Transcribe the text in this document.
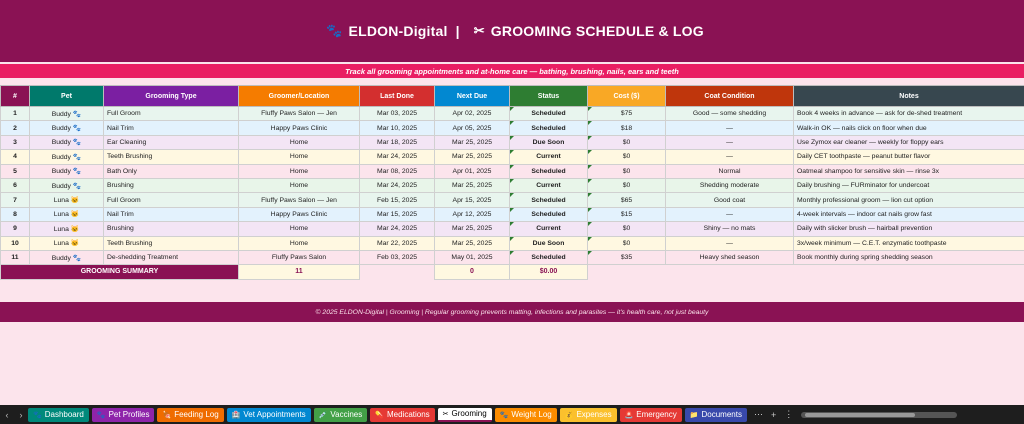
🐾 ELDON-Digital | ✂ GROOMING SCHEDULE & LOG
Track all grooming appointments and at-home care — bathing, brushing, nails, ears and teeth
#	Pet	Grooming Type	Groomer/Location	Last Done	Next Due	Status	Cost ($)	Coat Condition	Notes
1	Buddy 🐾	Full Groom	Fluffy Paws Salon — Jen	Mar 03, 2025	Apr 02, 2025	Scheduled	$75	Good — some shedding	Book 4 weeks in advance — ask for de-shed treatment
2	Buddy 🐾	Nail Trim	Happy Paws Clinic	Mar 10, 2025	Apr 05, 2025	Scheduled	$18	—	Walk-in OK — nails click on floor when due
3	Buddy 🐾	Ear Cleaning	Home	Mar 18, 2025	Mar 25, 2025	Due Soon	$0	—	Use Zymox ear cleaner — weekly for floppy ears
4	Buddy 🐾	Teeth Brushing	Home	Mar 24, 2025	Mar 25, 2025	Current	$0	—	Daily CET toothpaste — peanut butter flavor
5	Buddy 🐾	Bath Only	Home	Mar 08, 2025	Apr 01, 2025	Scheduled	$0	Normal	Oatmeal shampoo for sensitive skin — rinse 3x
6	Buddy 🐾	Brushing	Home	Mar 24, 2025	Mar 25, 2025	Current	$0	Shedding moderate	Daily brushing — FURminator for undercoat
7	Luna 🐱	Full Groom	Fluffy Paws Salon — Jen	Feb 15, 2025	Apr 15, 2025	Scheduled	$65	Good coat	Monthly professional groom — lion cut option
8	Luna 🐱	Nail Trim	Happy Paws Clinic	Mar 15, 2025	Apr 12, 2025	Scheduled	$15	—	4-week intervals — indoor cat nails grow fast
9	Luna 🐱	Brushing	Home	Mar 24, 2025	Mar 25, 2025	Current	$0	Shiny — no mats	Daily with slicker brush — hairball prevention
10	Luna 🐱	Teeth Brushing	Home	Mar 22, 2025	Mar 25, 2025	Due Soon	$0	—	3x/week minimum — C.E.T. enzymatic toothpaste
11	Buddy 🐾	De-shedding Treatment	Fluffy Paws Salon	Feb 03, 2025	May 01, 2025	Scheduled	$35	Heavy shed season	Book monthly during spring shedding season
GROOMING SUMMARY			11		0	$0.00			
© 2025 ELDON-Digital | Grooming | Regular grooming prevents matting, infections and parasites — it's health care, not just beauty
‹	›	🐾 Dashboard 🐾 Pet Profiles 🍖 Feeding Log 🏥 Vet Appointments 💉 Vaccines 💊 Medications ✂ Grooming 🐾 Weight Log 💰 Expenses 🚨 Emergency 📁 Documents ⋯ + ⋮
